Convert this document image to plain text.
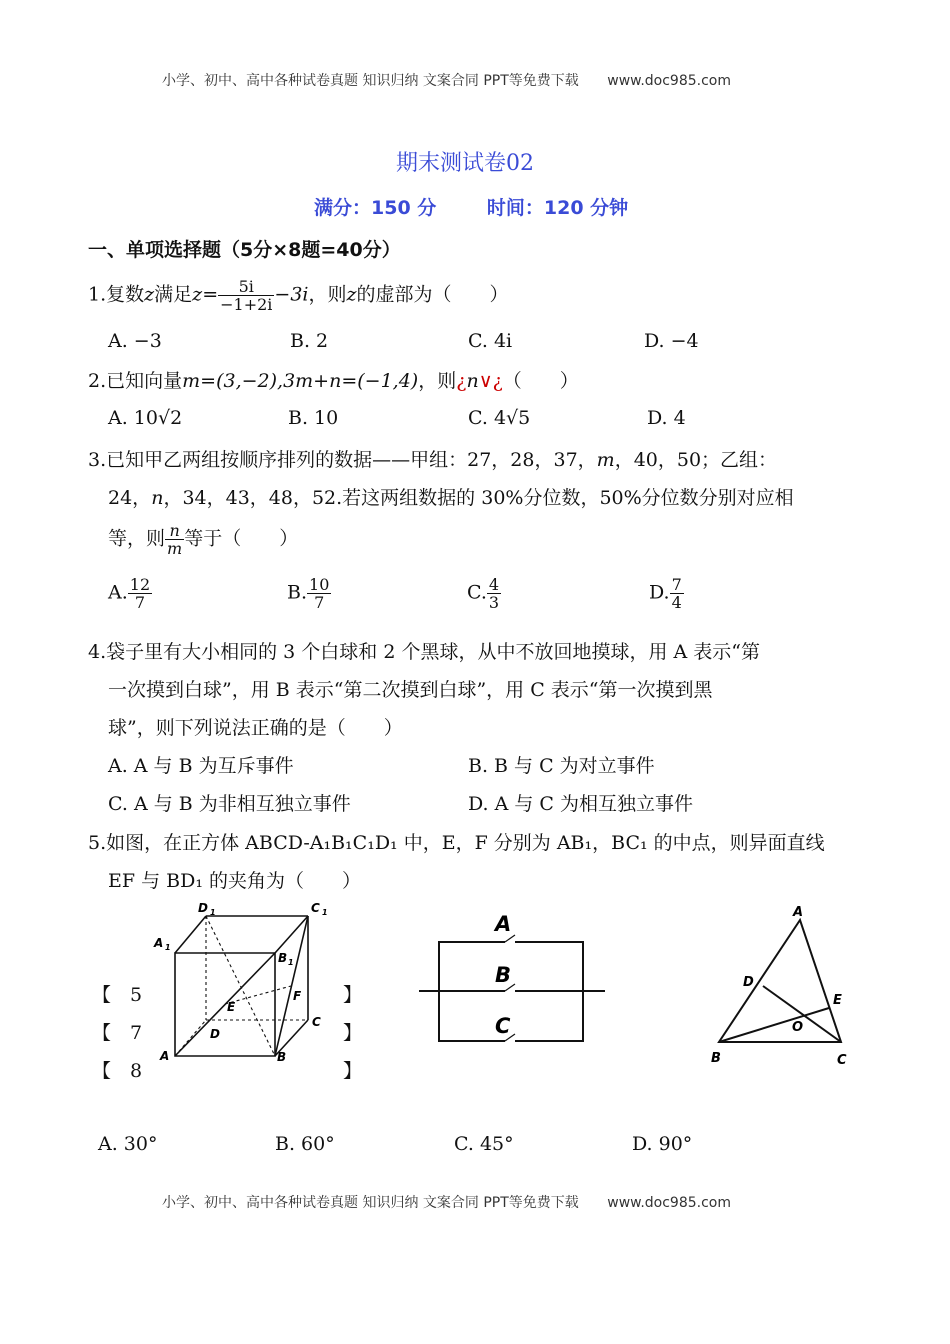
小学、初中、高中各种试卷真题 知识归纳 文案合同 PPT等免费下载 www.doc985.com
期末测试卷02
满分：150 分	时间：120 分钟
一、单项选择题（5分×8题=40分）
1.复数z满足$z= \frac{5i}{-1+2i} -3i$，则z的虚部为（　　）
A. −3	B. 2	C. 4i	D. −4
2.已知向量m=(3,−2),3m+n=(−1,4)，则¿n∨¿（　　）
A. 10√2	B. 10	C. 4√5	D. 4
3.已知甲乙两组按顺序排列的数据——甲组：27，28，37，m，40，50；乙组：
24，n，34，43，48，52.若这两组数据的 30%分位数，50%分位数分别对应相
等，则 $\frac{n}{m}$ 等于（　　）
A. $\frac{12}{7}$	B. $\frac{10}{7}$	C. $\frac{4}{3}$	D. $\frac{7}{4}$
4.袋子里有大小相同的 3 个白球和 2 个黑球，从中不放回地摸球，用 A 表示“第
一次摸到白球”，用 B 表示“第二次摸到白球”，用 C 表示“第一次摸到黑
球”，则下列说法正确的是（　　）
A. A 与 B 为互斥事件	B. B 与 C 为对立事件
C. A 与 B 为非相互独立事件	D. A 与 C 为相互独立事件
5.如图，在正方体 ABCD-A₁B₁C₁D₁ 中，E，F 分别为 AB₁，BC₁ 的中点，则异面直线
EF 与 BD₁ 的夹角为（　　）
【　5
【　7
【　8
】
】
】
D 1	C 1
A 1
B 1
E
F
C
D
A	B
A
B
C
A
D
E
O
B	C
A. 30°	B. 60°	C. 45°	D. 90°
小学、初中、高中各种试卷真题 知识归纳 文案合同 PPT等免费下载 www.doc985.com
